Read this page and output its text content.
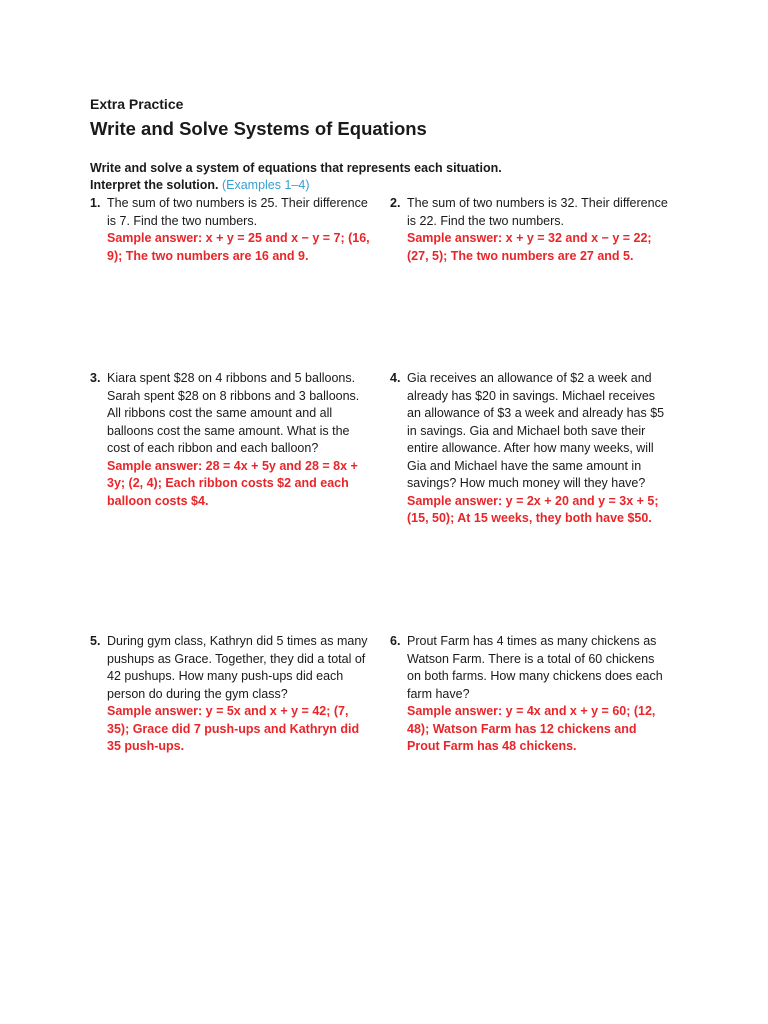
Extra Practice
Write and Solve Systems of Equations
Write and solve a system of equations that represents each situation.
Interpret the solution. (Examples 1–4)
1. The sum of two numbers is 25. Their difference is 7. Find the two numbers.
Sample answer: x + y = 25 and x − y = 7; (16, 9); The two numbers are 16 and 9.
2. The sum of two numbers is 32. Their difference is 22. Find the two numbers.
Sample answer: x + y = 32 and x − y = 22; (27, 5); The two numbers are 27 and 5.
3. Kiara spent $28 on 4 ribbons and 5 balloons. Sarah spent $28 on 8 ribbons and 3 balloons. All ribbons cost the same amount and all balloons cost the same amount. What is the cost of each ribbon and each balloon?
Sample answer: 28 = 4x + 5y and 28 = 8x + 3y; (2, 4); Each ribbon costs $2 and each balloon costs $4.
4. Gia receives an allowance of $2 a week and already has $20 in savings. Michael receives an allowance of $3 a week and already has $5 in savings. Gia and Michael both save their entire allowance. After how many weeks, will Gia and Michael have the same amount in savings? How much money will they have?
Sample answer: y = 2x + 20 and y = 3x + 5; (15, 50); At 15 weeks, they both have $50.
5. During gym class, Kathryn did 5 times as many pushups as Grace. Together, they did a total of 42 pushups. How many push-ups did each person do during the gym class?
Sample answer: y = 5x and x + y = 42; (7, 35); Grace did 7 push-ups and Kathryn did 35 push-ups.
6. Prout Farm has 4 times as many chickens as Watson Farm. There is a total of 60 chickens on both farms. How many chickens does each farm have?
Sample answer: y = 4x and x + y = 60; (12, 48); Watson Farm has 12 chickens and Prout Farm has 48 chickens.
